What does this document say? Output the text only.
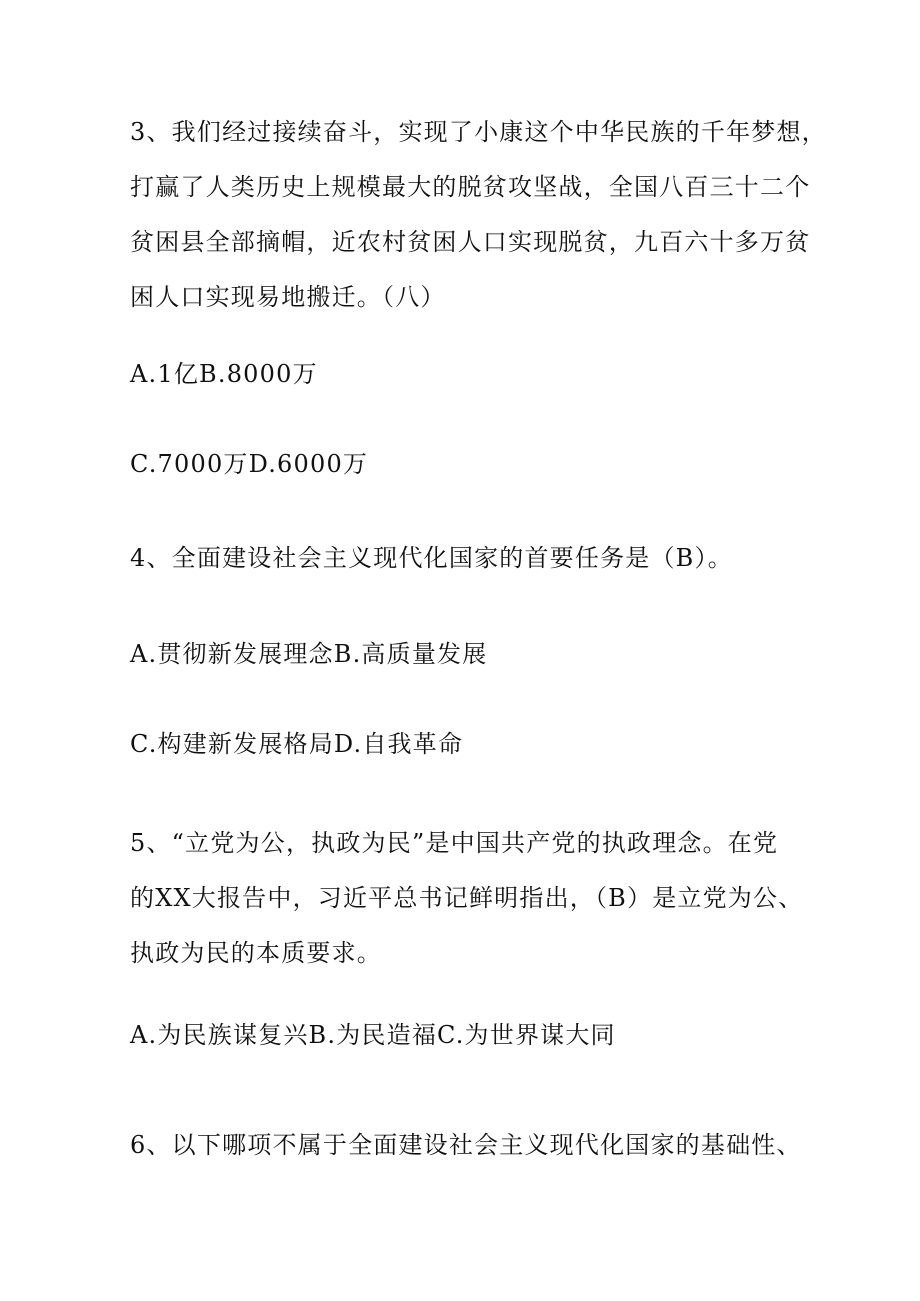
3、我们经过接续奋斗，实现了小康这个中华民族的千年梦想，
打赢了人类历史上规模最大的脱贫攻坚战，全国八百三十二个
贫困县全部摘帽，近农村贫困人口实现脱贫，九百六十多万贫
困人口实现易地搬迁。（八）
A.1亿B.8000万
C.7000万D.6000万
4、全面建设社会主义现代化国家的首要任务是（B）。
A.贯彻新发展理念B.高质量发展
C.构建新发展格局D.自我革命
5、“立党为公，执政为民”是中国共产党的执政理念。在党
的XX大报告中，习近平总书记鲜明指出，（B）是立党为公、
执政为民的本质要求。
A.为民族谋复兴B.为民造福C.为世界谋大同
6、以下哪项不属于全面建设社会主义现代化国家的基础性、
